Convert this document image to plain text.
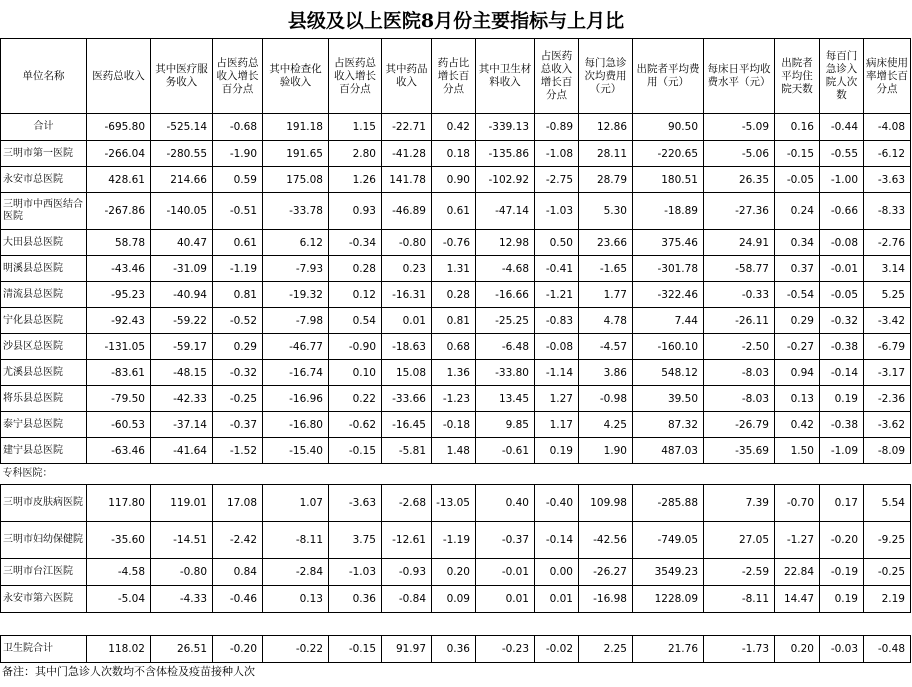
县级及以上医院8月份主要指标与上月比
单位名称	医药总收入	其中医疗服务收入	占医药总收入增长百分点	其中检查化验收入	占医药总收入增长百分点	其中药品收入	药占比增长百分点	其中卫生材料收入	占医药总收入增长百分点	每门急诊次均费用（元）	出院者平均费用（元）	每床日平均收费水平（元）	出院者平均住院天数	每百门急诊入院人次数	病床使用率增长百分点
合计	-695.80	-525.14	-0.68	191.18	1.15	-22.71	0.42	-339.13	-0.89	12.86	90.50	-5.09	0.16	-0.44	-4.08
三明市第一医院	-266.04	-280.55	-1.90	191.65	2.80	-41.28	0.18	-135.86	-1.08	28.11	-220.65	-5.06	-0.15	-0.55	-6.12
永安市总医院	428.61	214.66	0.59	175.08	1.26	141.78	0.90	-102.92	-2.75	28.79	180.51	26.35	-0.05	-1.00	-3.63
三明市中西医结合医院	-267.86	-140.05	-0.51	-33.78	0.93	-46.89	0.61	-47.14	-1.03	5.30	-18.89	-27.36	0.24	-0.66	-8.33
大田县总医院	58.78	40.47	0.61	6.12	-0.34	-0.80	-0.76	12.98	0.50	23.66	375.46	24.91	0.34	-0.08	-2.76
明溪县总医院	-43.46	-31.09	-1.19	-7.93	0.28	0.23	1.31	-4.68	-0.41	-1.65	-301.78	-58.77	0.37	-0.01	3.14
清流县总医院	-95.23	-40.94	0.81	-19.32	0.12	-16.31	0.28	-16.66	-1.21	1.77	-322.46	-0.33	-0.54	-0.05	5.25
宁化县总医院	-92.43	-59.22	-0.52	-7.98	0.54	0.01	0.81	-25.25	-0.83	4.78	7.44	-26.11	0.29	-0.32	-3.42
沙县区总医院	-131.05	-59.17	0.29	-46.77	-0.90	-18.63	0.68	-6.48	-0.08	-4.57	-160.10	-2.50	-0.27	-0.38	-6.79
尤溪县总医院	-83.61	-48.15	-0.32	-16.74	0.10	15.08	1.36	-33.80	-1.14	3.86	548.12	-8.03	0.94	-0.14	-3.17
将乐县总医院	-79.50	-42.33	-0.25	-16.96	0.22	-33.66	-1.23	13.45	1.27	-0.98	39.50	-8.03	0.13	0.19	-2.36
泰宁县总医院	-60.53	-37.14	-0.37	-16.80	-0.62	-16.45	-0.18	9.85	1.17	4.25	87.32	-26.79	0.42	-0.38	-3.62
建宁县总医院	-63.46	-41.64	-1.52	-15.40	-0.15	-5.81	1.48	-0.61	0.19	1.90	487.03	-35.69	1.50	-1.09	-8.09
专科医院：															
三明市皮肤病医院	117.80	119.01	17.08	1.07	-3.63	-2.68	-13.05	0.40	-0.40	109.98	-285.88	7.39	-0.70	0.17	5.54
三明市妇幼保健院	-35.60	-14.51	-2.42	-8.11	3.75	-12.61	-1.19	-0.37	-0.14	-42.56	-749.05	27.05	-1.27	-0.20	-9.25
三明市台江医院	-4.58	-0.80	0.84	-2.84	-1.03	-0.93	0.20	-0.01	0.00	-26.27	3549.23	-2.59	22.84	-0.19	-0.25
永安市第六医院	-5.04	-4.33	-0.46	0.13	0.36	-0.84	0.09	0.01	0.01	-16.98	1228.09	-8.11	14.47	0.19	2.19

卫生院合计	118.02	26.51	-0.20	-0.22	-0.15	91.97	0.36	-0.23	-0.02	2.25	21.76	-1.73	0.20	-0.03	-0.48
备注：其中门急诊人次数均不含体检及疫苗接种人次
